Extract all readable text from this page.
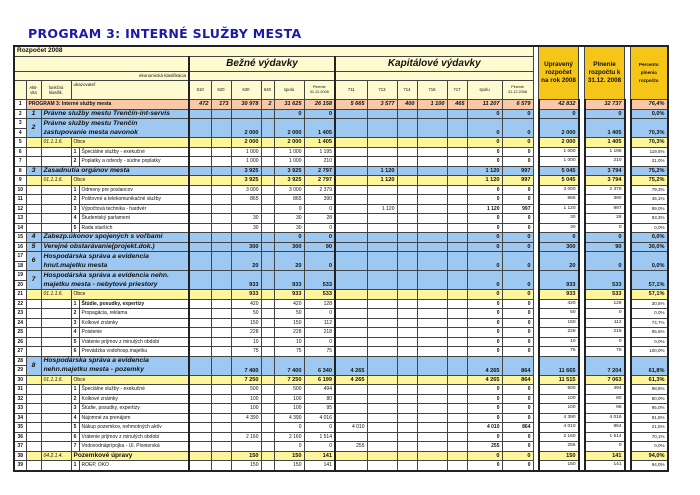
PROGRAM 3: INTERNÉ SLUŽBY MESTA
Rozpočet 2008																			Upravený rozpočet na rok 2008		Plnenie rozpočtu k 31.12. 2008		Percento plnenia rozpočtu
					Bežné výdavky						Kapitálové výdavky												
ekonomická klasifikácia																							
	Akti-vita	funkčná klasifik.	ukazovateľ		610	620	630	640	spolu	Plnenie 31.12.2008	711	713	714	716	717	spolu	Plnenie 31.12.2008						
1	PROGRAM 3: Interné služby mesta				472	173	30 978	2	31 625	26 158	5 665	3 577	400	1 100	465	11 207	6 579		42 832		32 737		76,4%
2	1	Právne služby mestu Trenčín-int-servis							0	0						0	0		0		0		0,0%
3	2	Právne služby mestu Trenčín					2 000		2 000	1 405						0	0		2 000		1 405		70,3%
4		zastupovanie mesta navonok																					
5		01.1.1.6.	Obce				2 000		2 000	1 405						0	0		2 000		1 405		70,3%
6			1	Špeciálne služby - exekučné			1 000		1 000	1 195						0	0		1 000		1 195		119,5%
7			2	Poplatky a odvody - súdne poplatky			1 000		1 000	210						0	0		1 000		210		21,0%
8	3	Zasadnutia orgánov mesta					3 925		3 925	2 797		1 120				1 120	997		5 045		3 794		75,2%
9		01.1.1.6.	Obce				3 925		3 925	2 797		1 120				1 120	997		5 045		3 794		75,2%
10			1	Odmeny pre poslancov			3 000		3 000	2 379						0	0		3 000		2 379		79,3%
11			2	Poštovné a telekomunikačné služby			865		865	390						0	0		865		390		45,1%
12			3	Výpočtová technika - hardvér					0	0		1 120				1 120	997		1 120		997		89,0%
13			4	Študentský parlament			30		30	28						0	0		30		28		93,3%
14			5	Rada starších			30		30	0						0	0		30		0		0,0%
15	4	Zabezp.úkonov spojených s voľbami							0	0						0	0		0		0		0,0%
16	5	Verejné obstarávanie(projekt.dok.)					300		300	90						0	0		300		90		30,0%
17	6	Hospodárska správa a evidencia					20		20	0						0	0		20		0		0,0%
18		hnut.majetku mesta																					
19	7	Hospodárska správa a evidencia nehn.					933		933	533						0	0		933		533		57,1%
20		majetku mesta - nebytové priestory																					
21		01.1.1.6.	Obce				933		933	533						0	0		933		533		57,1%
22			1	Štúdie, posudky, expertízy			420		420	128						0	0		420		128		30,5%
23			2	Propagácia, reklama			50		50	0						0	0		50		0		0,0%
24			3	Kolkové známky			150		150	112						0	0		150		112		74,7%
25			4	Poistenie			228		228	218						0	0		228		218		95,6%
26			5	Vrátenie príjmov z minulých období			10		10	0						0	0		10		0		0,0%
27			6	Prevádzka vodohosp.majetku			75		75	75						0	0		75		75		100,0%
28	8	Hospodárska správa a evidencia					7 400		7 400	6 340	4 265					4 265	864		11 665		7 204		61,8%
29		nehn.majetku mesta - pozemky																					
30		01.1.1.6.	Obce				7 250		7 250	6 199	4 265					4 265	864		11 515		7 063		61,3%
31			1	Špeciálne služby - exekučné			500		500	494						0	0		500		494		98,8%
32			2	Kolkové známky			100		100	80						0	0		100		80		80,0%
33			3	Štúdie, posudky, expertízy			100		100	95						0	0		100		95		95,0%
34			4	Nájomné za prenájom			4 390		4 390	4 016						0	0		4 390		4 016		91,5%
35			5	Nákup pozemkov, nehmotných aktív					0	0	4 010					4 010	864		4 010		864		21,5%
36			6	Vrátenie príjmov z minulých období			2 160		2 160	1 514						0	0		2 160		1 514		70,1%
37			7	Vodovodnáprípojka - Ul. Pionierská					0	0	255					255	0		255		0		0,0%
38		04.2.1.4.	Pozemkové úpravy				150		150	141						0	0		150		141		94,0%
39			1	ROEP, OKO			150		150	141						0	0		150		141		94,0%
